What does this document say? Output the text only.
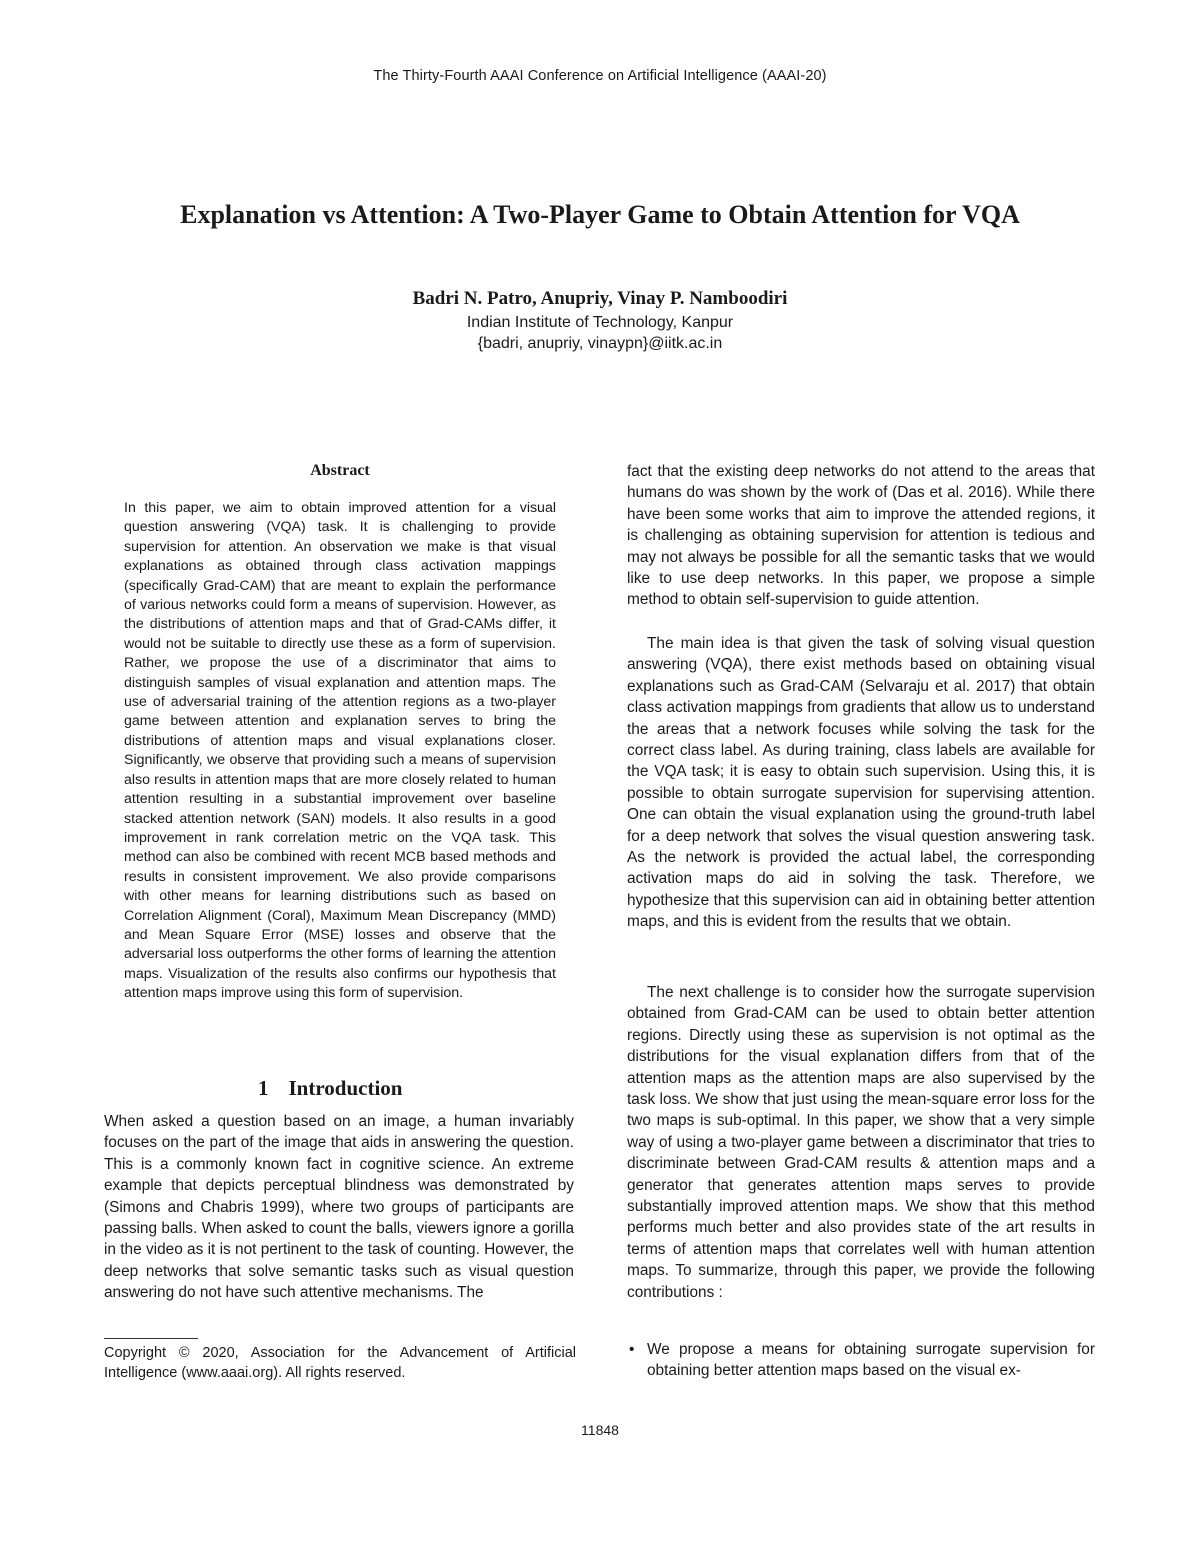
The Thirty-Fourth AAAI Conference on Artificial Intelligence (AAAI-20)
Explanation vs Attention: A Two-Player Game to Obtain Attention for VQA
Badri N. Patro, Anupriy, Vinay P. Namboodiri
Indian Institute of Technology, Kanpur
{badri, anupriy, vinaypn}@iitk.ac.in
Abstract
In this paper, we aim to obtain improved attention for a visual question answering (VQA) task. It is challenging to provide supervision for attention. An observation we make is that visual explanations as obtained through class activation mappings (specifically Grad-CAM) that are meant to explain the performance of various networks could form a means of supervision. However, as the distributions of attention maps and that of Grad-CAMs differ, it would not be suitable to directly use these as a form of supervision. Rather, we propose the use of a discriminator that aims to distinguish samples of visual explanation and attention maps. The use of adversarial training of the attention regions as a two-player game between attention and explanation serves to bring the distributions of attention maps and visual explanations closer. Significantly, we observe that providing such a means of supervision also results in attention maps that are more closely related to human attention resulting in a substantial improvement over baseline stacked attention network (SAN) models. It also results in a good improvement in rank correlation metric on the VQA task. This method can also be combined with recent MCB based methods and results in consistent improvement. We also provide comparisons with other means for learning distributions such as based on Correlation Alignment (Coral), Maximum Mean Discrepancy (MMD) and Mean Square Error (MSE) losses and observe that the adversarial loss outperforms the other forms of learning the attention maps. Visualization of the results also confirms our hypothesis that attention maps improve using this form of supervision.
1 Introduction
When asked a question based on an image, a human invariably focuses on the part of the image that aids in answering the question. This is a commonly known fact in cognitive science. An extreme example that depicts perceptual blindness was demonstrated by (Simons and Chabris 1999), where two groups of participants are passing balls. When asked to count the balls, viewers ignore a gorilla in the video as it is not pertinent to the task of counting. However, the deep networks that solve semantic tasks such as visual question answering do not have such attentive mechanisms. The
Copyright © 2020, Association for the Advancement of Artificial Intelligence (www.aaai.org). All rights reserved.
fact that the existing deep networks do not attend to the areas that humans do was shown by the work of (Das et al. 2016). While there have been some works that aim to improve the attended regions, it is challenging as obtaining supervision for attention is tedious and may not always be possible for all the semantic tasks that we would like to use deep networks. In this paper, we propose a simple method to obtain self-supervision to guide attention.
The main idea is that given the task of solving visual question answering (VQA), there exist methods based on obtaining visual explanations such as Grad-CAM (Selvaraju et al. 2017) that obtain class activation mappings from gradients that allow us to understand the areas that a network focuses while solving the task for the correct class label. As during training, class labels are available for the VQA task; it is easy to obtain such supervision. Using this, it is possible to obtain surrogate supervision for supervising attention. One can obtain the visual explanation using the ground-truth label for a deep network that solves the visual question answering task. As the network is provided the actual label, the corresponding activation maps do aid in solving the task. Therefore, we hypothesize that this supervision can aid in obtaining better attention maps, and this is evident from the results that we obtain.
The next challenge is to consider how the surrogate supervision obtained from Grad-CAM can be used to obtain better attention regions. Directly using these as supervision is not optimal as the distributions for the visual explanation differs from that of the attention maps as the attention maps are also supervised by the task loss. We show that just using the mean-square error loss for the two maps is sub-optimal. In this paper, we show that a very simple way of using a two-player game between a discriminator that tries to discriminate between Grad-CAM results & attention maps and a generator that generates attention maps serves to provide substantially improved attention maps. We show that this method performs much better and also provides state of the art results in terms of attention maps that correlates well with human attention maps. To summarize, through this paper, we provide the following contributions :
• We propose a means for obtaining surrogate supervision for obtaining better attention maps based on the visual ex-
11848
